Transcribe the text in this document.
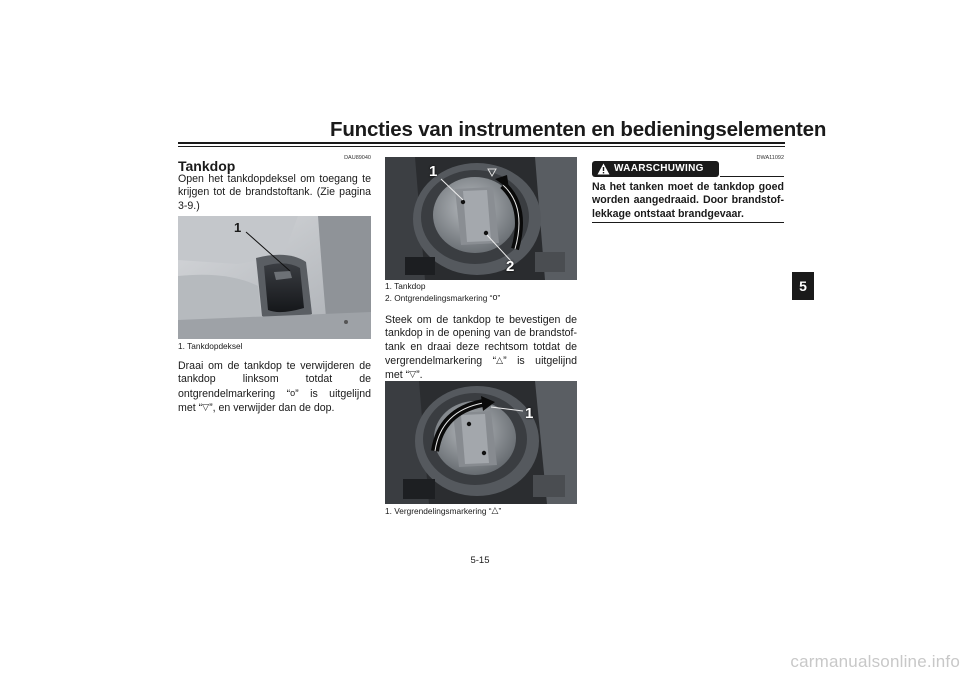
Functies van instrumenten en bedieningselementen
5
DAU89040
Tankdop
Open het tankdopdeksel om toegang te krijgen tot de brandstoftank. (Zie pagina 3-9.)
1
1. Tankdopdeksel
Draai om de tankdop te verwijderen de
tankdop linksom totdat de
ontgrendelmarkering “o” is uitgelijnd
met “▽”, en verwijder dan de dop.
1
2
1. Tankdop
2. Ontgrendelingsmarkering “o”
Steek om de tankdop te bevestigen de
tankdop in de opening van de brandstof-
tank en draai deze rechtsom totdat de
vergrendelmarkering “△” is uitgelijnd
met “▽”.
1
1. Vergrendelingsmarkering “△”
DWA11092
WAARSCHUWING
Na het tanken moet de tankdop goed worden aangedraaid. Door brandstof-lekkage ontstaat brandgevaar.
5-15
carmanualsonline.info
